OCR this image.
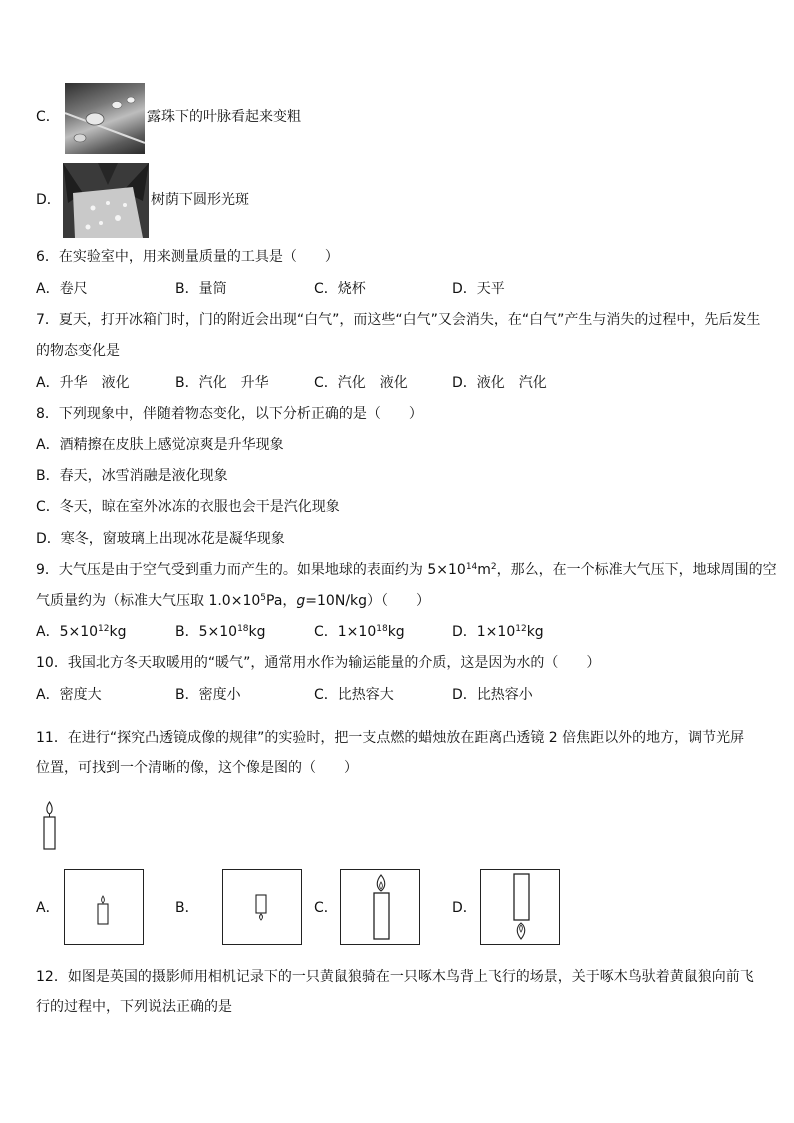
C．	露珠下的叶脉看起来变粗
D．	树荫下圆形光斑
6．在实验室中，用来测量质量的工具是（　　）
A．卷尺	B．量筒	C．烧杯	D．天平
7．夏天，打开冰箱门时，门的附近会出现“白气”，而这些“白气”又会消失，在“白气”产生与消失的过程中，先后发生
的物态变化是
A．升华　液化	B．汽化　升华	C．汽化　液化	D．液化　汽化
8．下列现象中，伴随着物态变化，以下分析正确的是（　　）
A．酒精擦在皮肤上感觉凉爽是升华现象
B．春天，冰雪消融是液化现象
C．冬天，晾在室外冰冻的衣服也会干是汽化现象
D．寒冬，窗玻璃上出现冰花是凝华现象
9．大气压是由于空气受到重力而产生的。如果地球的表面约为 $5\times 10^{14}m^2$，那么，在一个标准大气压下，地球周围的空
气质量约为（标准大气压取 $1.0\times 10^5Pa$，g=10N/kg）（　　）
A．$5\times 10^{12}kg$	B．$5\times 10^{18}kg$	C．$1\times 10^{18}kg$	D．$1\times 10^{12}kg$
10．我国北方冬天取暖用的“暖气”，通常用水作为输运能量的介质，这是因为水的（　　）
A．密度大	B．密度小	C．比热容大	D．比热容小
11．在进行“探究凸透镜成像的规律”的实验时，把一支点燃的蜡烛放在距离凸透镜 2 倍焦距以外的地方，调节光屏
位置，可找到一个清晰的像，这个像是图的（　　）
A．	B．	C．	D．
12．如图是英国的摄影师用相机记录下的一只黄鼠狼骑在一只啄木鸟背上飞行的场景，关于啄木鸟驮着黄鼠狼向前飞
行的过程中，下列说法正确的是
